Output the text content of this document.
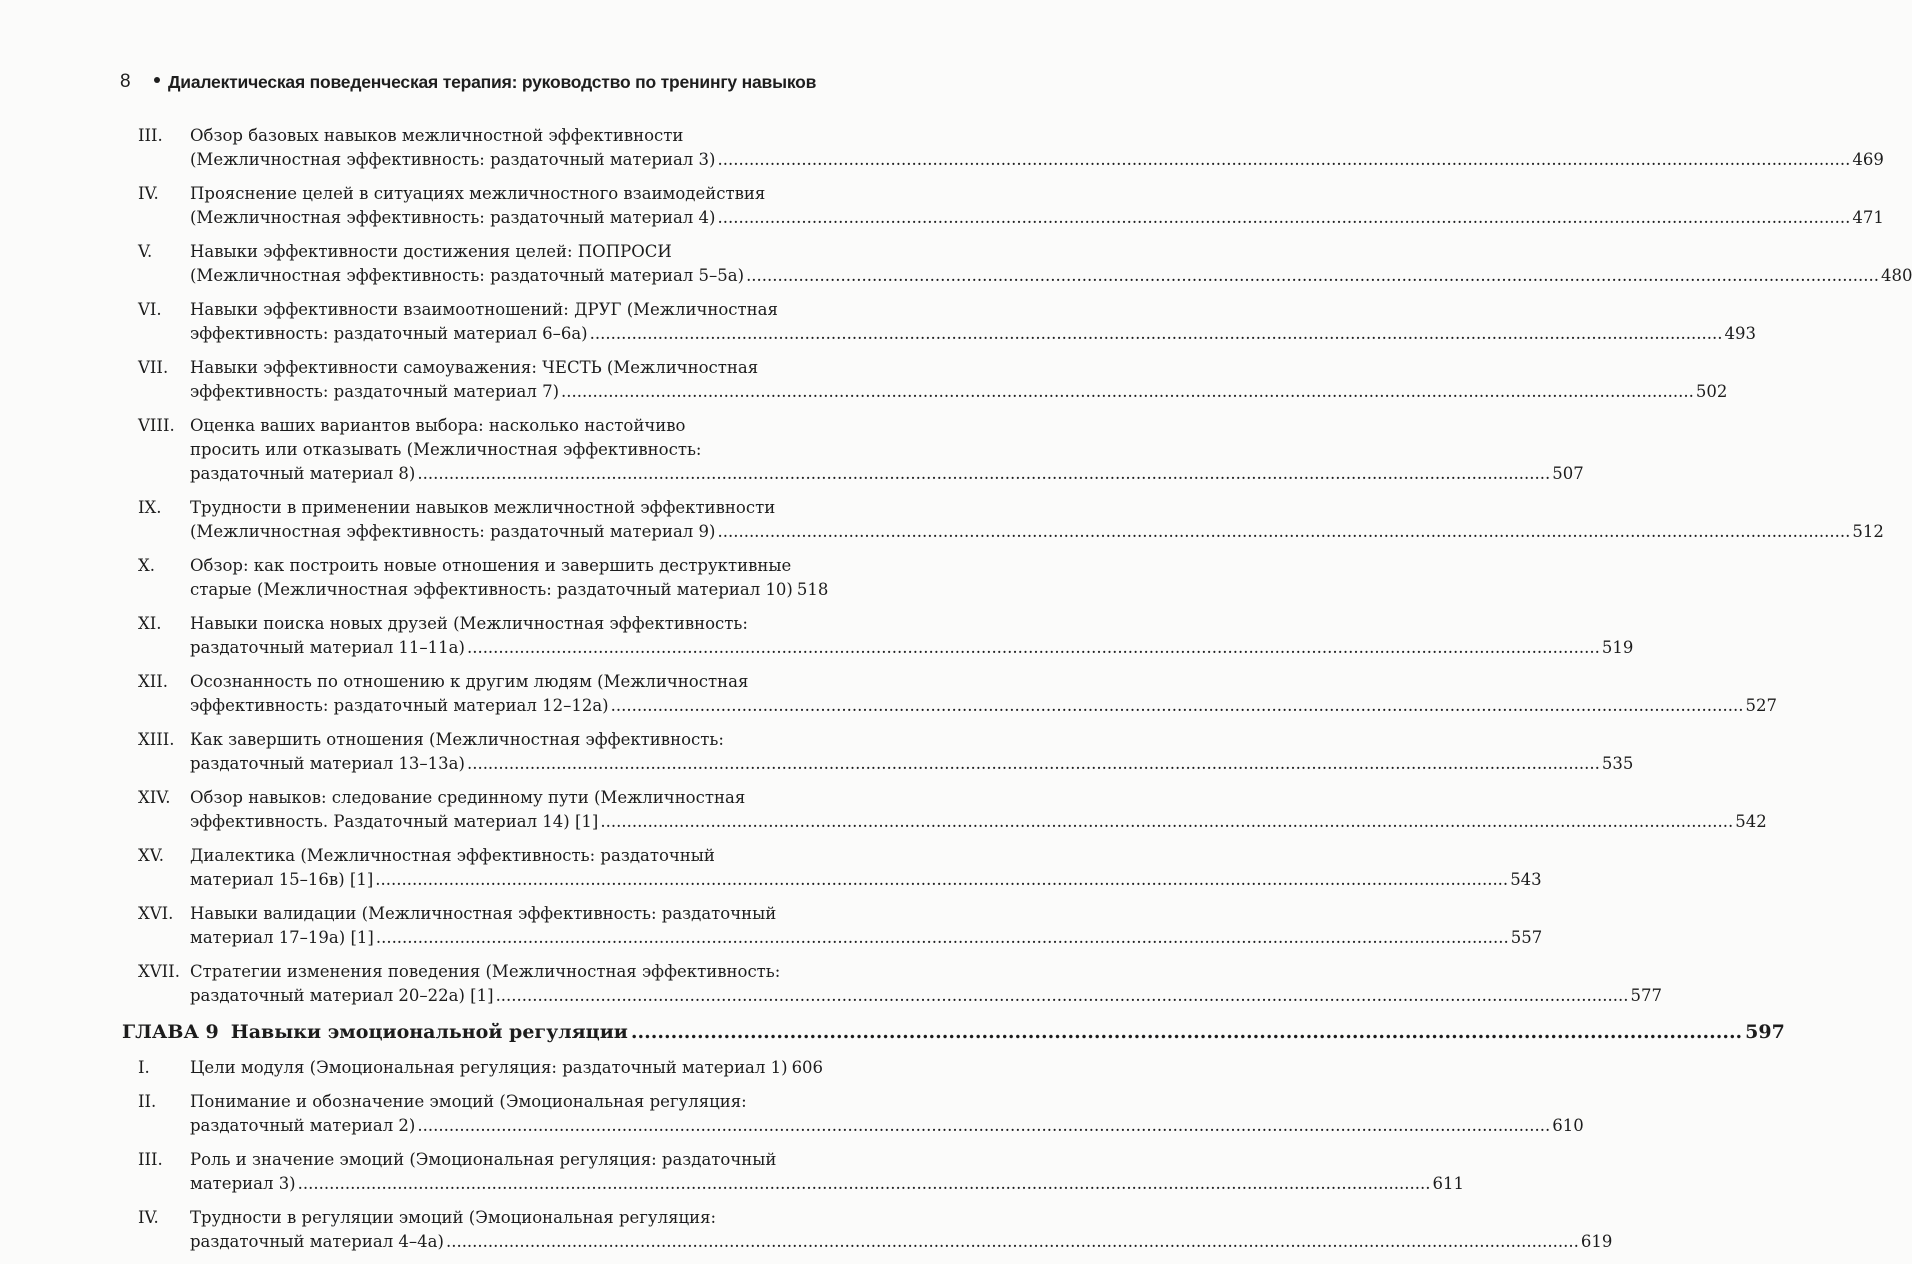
8 Диалектическая поведенческая терапия: руководство по тренингу навыков
III.	Обзор базовых навыков межличностной эффективности
(Межличностная эффективность: раздаточный материал 3) .....	469
IV.	Прояснение целей в ситуациях межличностного взаимодействия
(Межличностная эффективность: раздаточный материал 4) .....	471
V.	Навыки эффективности достижения целей: ПОПРОСИ
(Межличностная эффективность: раздаточный материал 5–5а) .....	480
VI.	Навыки эффективности взаимоотношений: ДРУГ (Межличностная
эффективность: раздаточный материал 6–6а) .....	493
VII.	Навыки эффективности самоуважения: ЧЕСТЬ (Межличностная
эффективность: раздаточный материал 7) .....	502
VIII. Оценка ваших вариантов выбора: насколько настойчиво
просить или отказывать (Межличностная эффективность:
раздаточный материал 8) .....	507
IX.	Трудности в применении навыков межличностной эффективности
(Межличностная эффективность: раздаточный материал 9) .....	512
X.	Обзор: как построить новые отношения и завершить деструктивные
старые (Межличностная эффективность: раздаточный материал 10) 518
XI.	Навыки поиска новых друзей (Межличностная эффективность:
раздаточный материал 11–11а) .....	519
XII.	Осознанность по отношению к другим людям (Межличностная
эффективность: раздаточный материал 12–12а) .....	527
XIII. Как завершить отношения (Межличностная эффективность:
раздаточный материал 13–13а) .....	535
XIV.	Обзор навыков: следование срединному пути (Межличностная
эффективность. Раздаточный материал 14) [1] .....	542
XV.	Диалектика (Межличностная эффективность: раздаточный
материал 15–16в) [1] .....	543
XVI.	Навыки валидации (Межличностная эффективность: раздаточный
материал 17–19а) [1] .....	557
XVII. Стратегии изменения поведения (Межличностная эффективность:
раздаточный материал 20–22а) [1] .....	577
ГЛАВА 9 Навыки эмоциональной регуляции .....	597
I.	Цели модуля (Эмоциональная регуляция: раздаточный материал 1) 606
II.	Понимание и обозначение эмоций (Эмоциональная регуляция:
раздаточный материал 2) .....	610
III.	Роль и значение эмоций (Эмоциональная регуляция: раздаточный
материал 3) .....	611
IV.	Трудности в регуляции эмоций (Эмоциональная регуляция:
раздаточный материал 4–4а) .....	619
